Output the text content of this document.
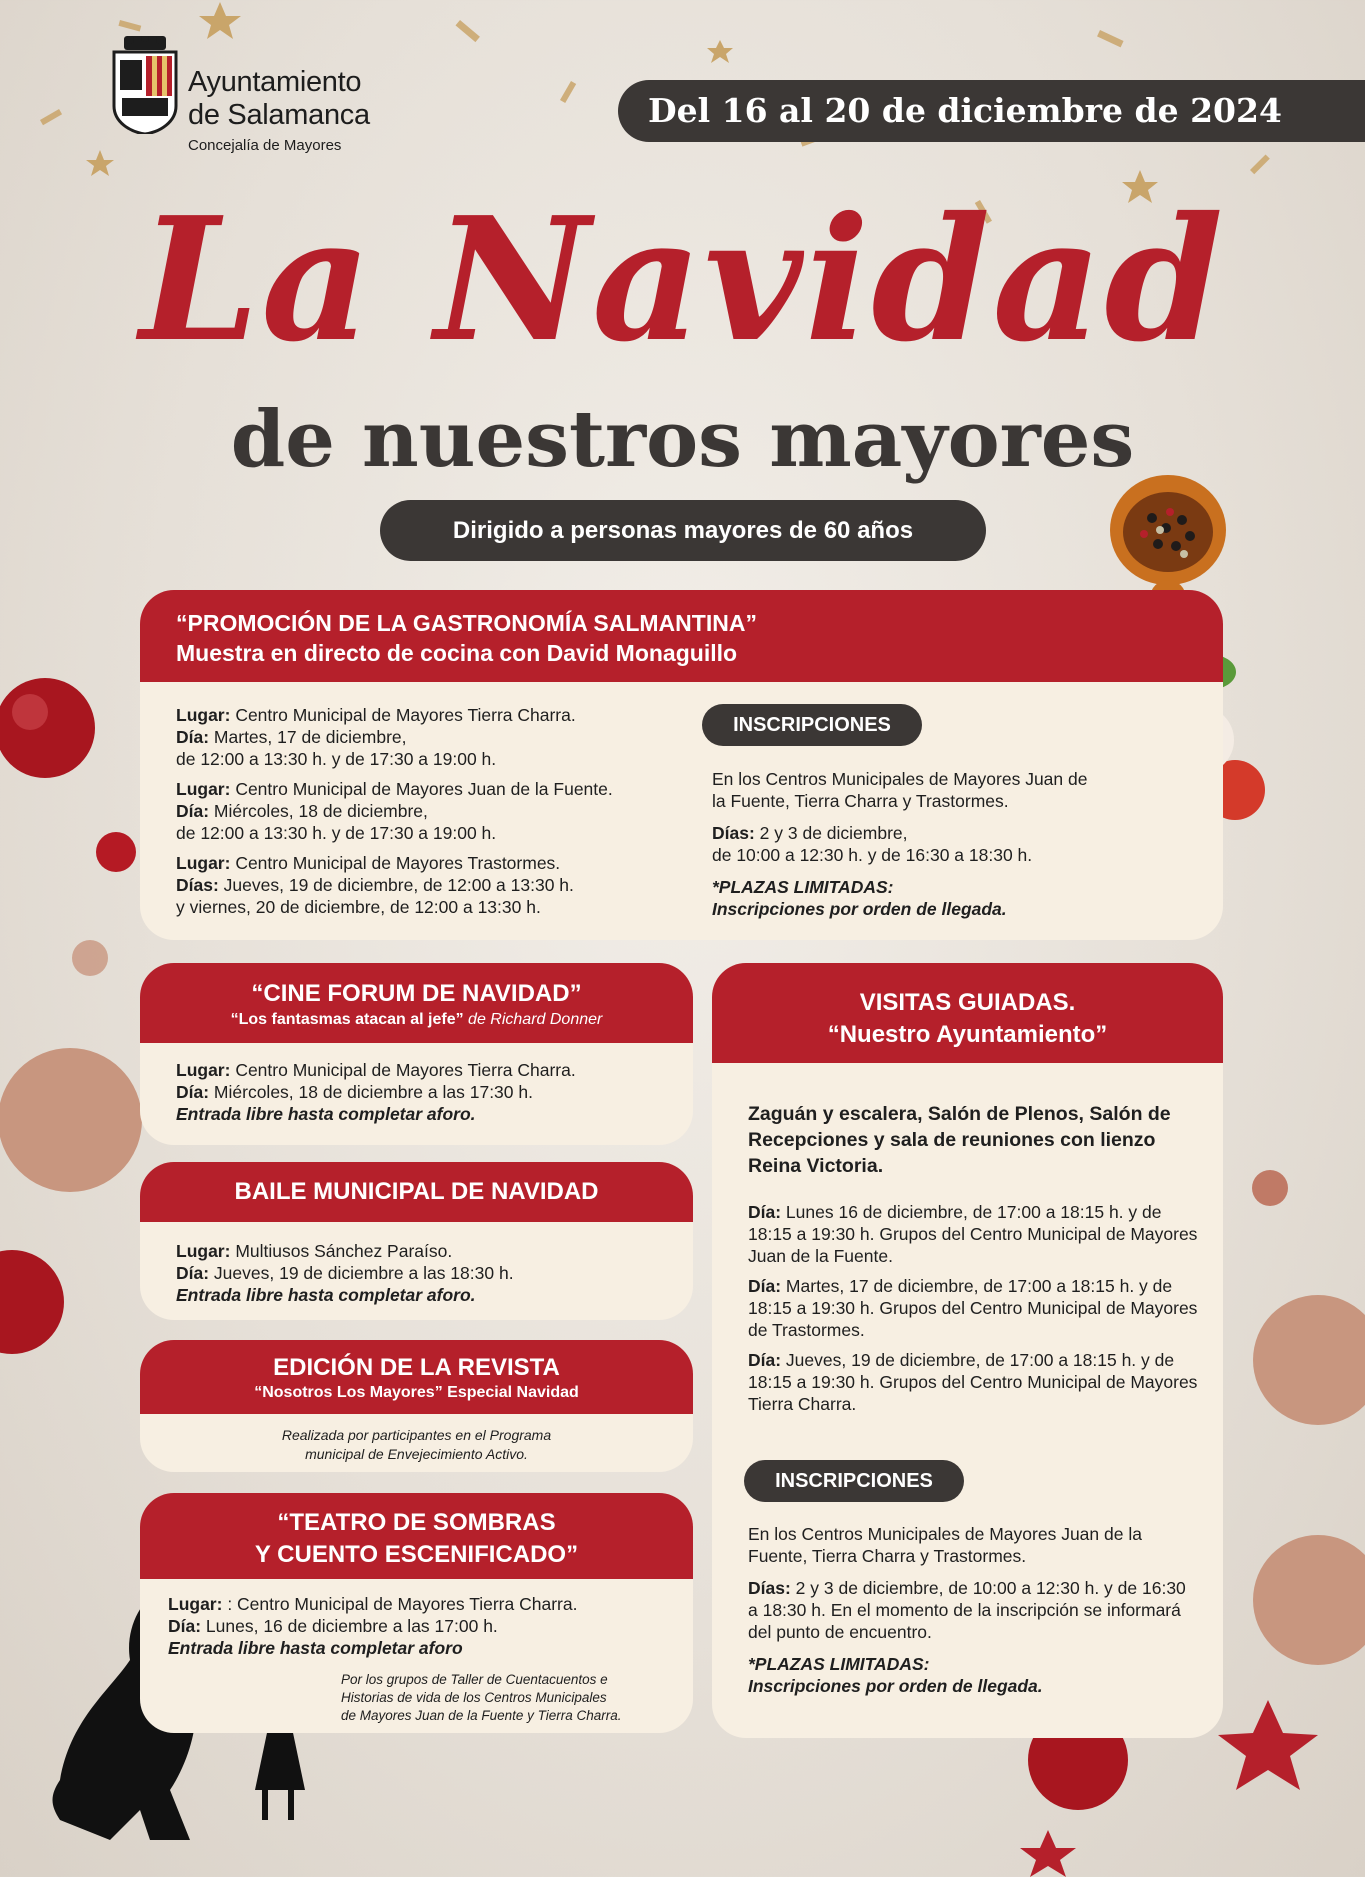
Ayuntamiento
de Salamanca
Concejalía de Mayores
Del 16 al 20 de diciembre de 2024
La Navidad
de nuestros mayores
Dirigido a personas mayores de 60 años
“PROMOCIÓN DE LA GASTRONOMÍA SALMANTINA”
Muestra en directo de cocina con David Monaguillo

Lugar: Centro Municipal de Mayores Tierra Charra.

Día: Martes, 17 de diciembre,

de 12:00 a 13:30 h. y de 17:30 a 19:00 h.

Lugar: Centro Municipal de Mayores Juan de la Fuente.

Día: Miércoles, 18 de diciembre,

de 12:00 a 13:30 h. y de 17:30 a 19:00 h.

Lugar: Centro Municipal de Mayores Trastormes.

Días: Jueves, 19 de diciembre, de 12:00 a 13:30 h.

y viernes, 20 de diciembre, de 12:00 a 13:30 h.

INSCRIPCIONES

En los Centros Municipales de Mayores Juan de la Fuente, Tierra Charra y Trastormes.

Días: 2 y 3 de diciembre,

de 10:00 a 12:30 h. y de 16:30 a 18:30 h.

*PLAZAS LIMITADAS:

Inscripciones por orden de llegada.

“CINE FORUM DE NAVIDAD”
“Los fantasmas atacan al jefe” de Richard Donner

Lugar: Centro Municipal de Mayores Tierra Charra.

Día: Miércoles, 18 de diciembre a las 17:30 h.

Entrada libre hasta completar aforo.

BAILE MUNICIPAL DE NAVIDAD

Lugar: Multiusos Sánchez Paraíso.

Día: Jueves, 19 de diciembre a las 18:30 h.

Entrada libre hasta completar aforo.

EDICIÓN DE LA REVISTA
“Nosotros Los Mayores” Especial Navidad

Realizada por participantes en el Programa

municipal de Envejecimiento Activo.

“TEATRO DE SOMBRAS
Y CUENTO ESCENIFICADO”

Lugar: : Centro Municipal de Mayores Tierra Charra.

Día: Lunes, 16 de diciembre a las 17:00 h.

Entrada libre hasta completar aforo

Por los grupos de Taller de Cuentacuentos e

Historias de vida de los Centros Municipales

de Mayores Juan de la Fuente y Tierra Charra.

VISITAS GUIADAS.
“Nuestro Ayuntamiento”
Zaguán y escalera, Salón de Plenos, Salón de Recepciones y sala de reuniones con lienzo Reina Victoria.

Día: Lunes 16 de diciembre, de 17:00 a 18:15 h. y de 18:15 a 19:30 h. Grupos del Centro Municipal de Mayores Juan de la Fuente.

Día: Martes, 17 de diciembre, de 17:00 a 18:15 h. y de 18:15 a 19:30 h. Grupos del Centro Municipal de Mayores de Trastormes.

Día: Jueves, 19 de diciembre, de 17:00 a 18:15 h. y de 18:15 a 19:30 h. Grupos del Centro Municipal de Mayores Tierra Charra.

INSCRIPCIONES

En los Centros Municipales de Mayores Juan de la Fuente, Tierra Charra y Trastormes.

Días: 2 y 3 de diciembre, de 10:00 a 12:30 h. y de 16:30 a 18:30 h. En el momento de la inscripción se informará del punto de encuentro.

*PLAZAS LIMITADAS:

Inscripciones por orden de llegada.
